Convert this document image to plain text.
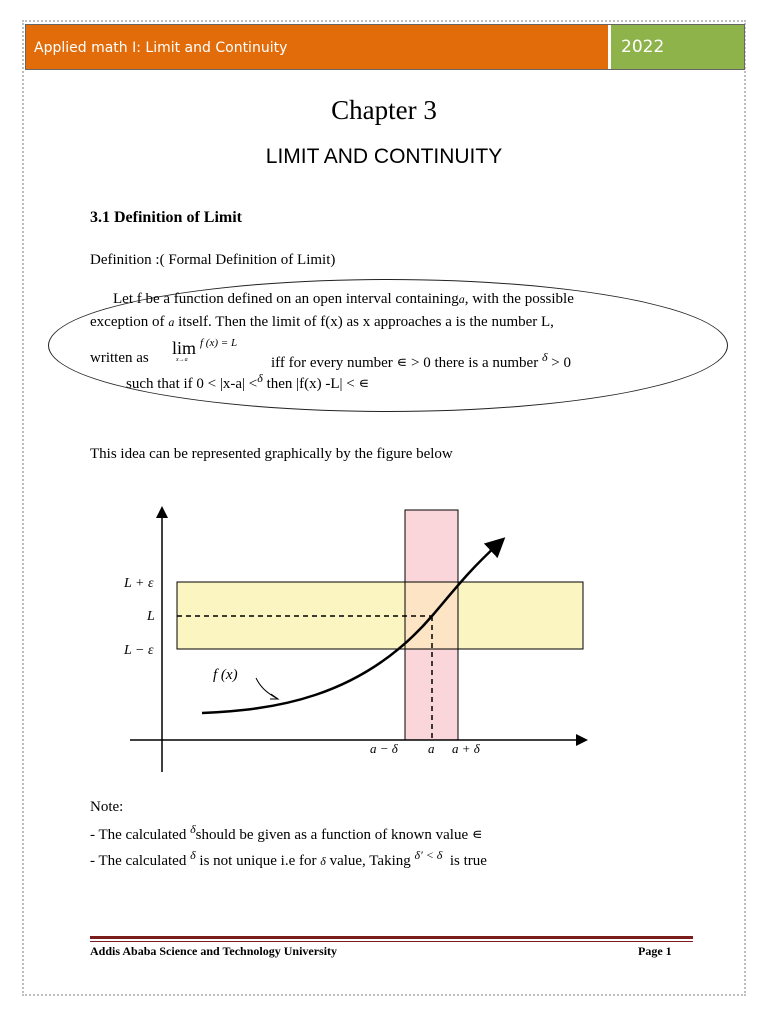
Applied math I: Limit and Continuity	2022
Chapter 3
LIMIT AND CONTINUITY
3.1 Definition of Limit
Definition :( Formal Definition of Limit)
Let f be a function defined on an open interval containinga, with the possible
exception of a itself. Then the limit of f(x) as x approaches a is the number L,
written as lim
x→a
f (x) = L
iff for every number ∊ > 0 there is a number $^\delta$ > 0
such that if 0 < |x-a| <$^\delta$ then |f(x) -L| < ∊
This idea can be represented graphically by the figure below
L + ε
L
L − ε
f (x)
a − δ a a + δ
Note:
- The calculated $^\delta$should be given as a function of known value ∊
- The calculated $^\delta$ is not unique i.e for δ value, Taking $^{\delta' < \delta}$ is true
Addis Ababa Science and Technology University	Page 1
